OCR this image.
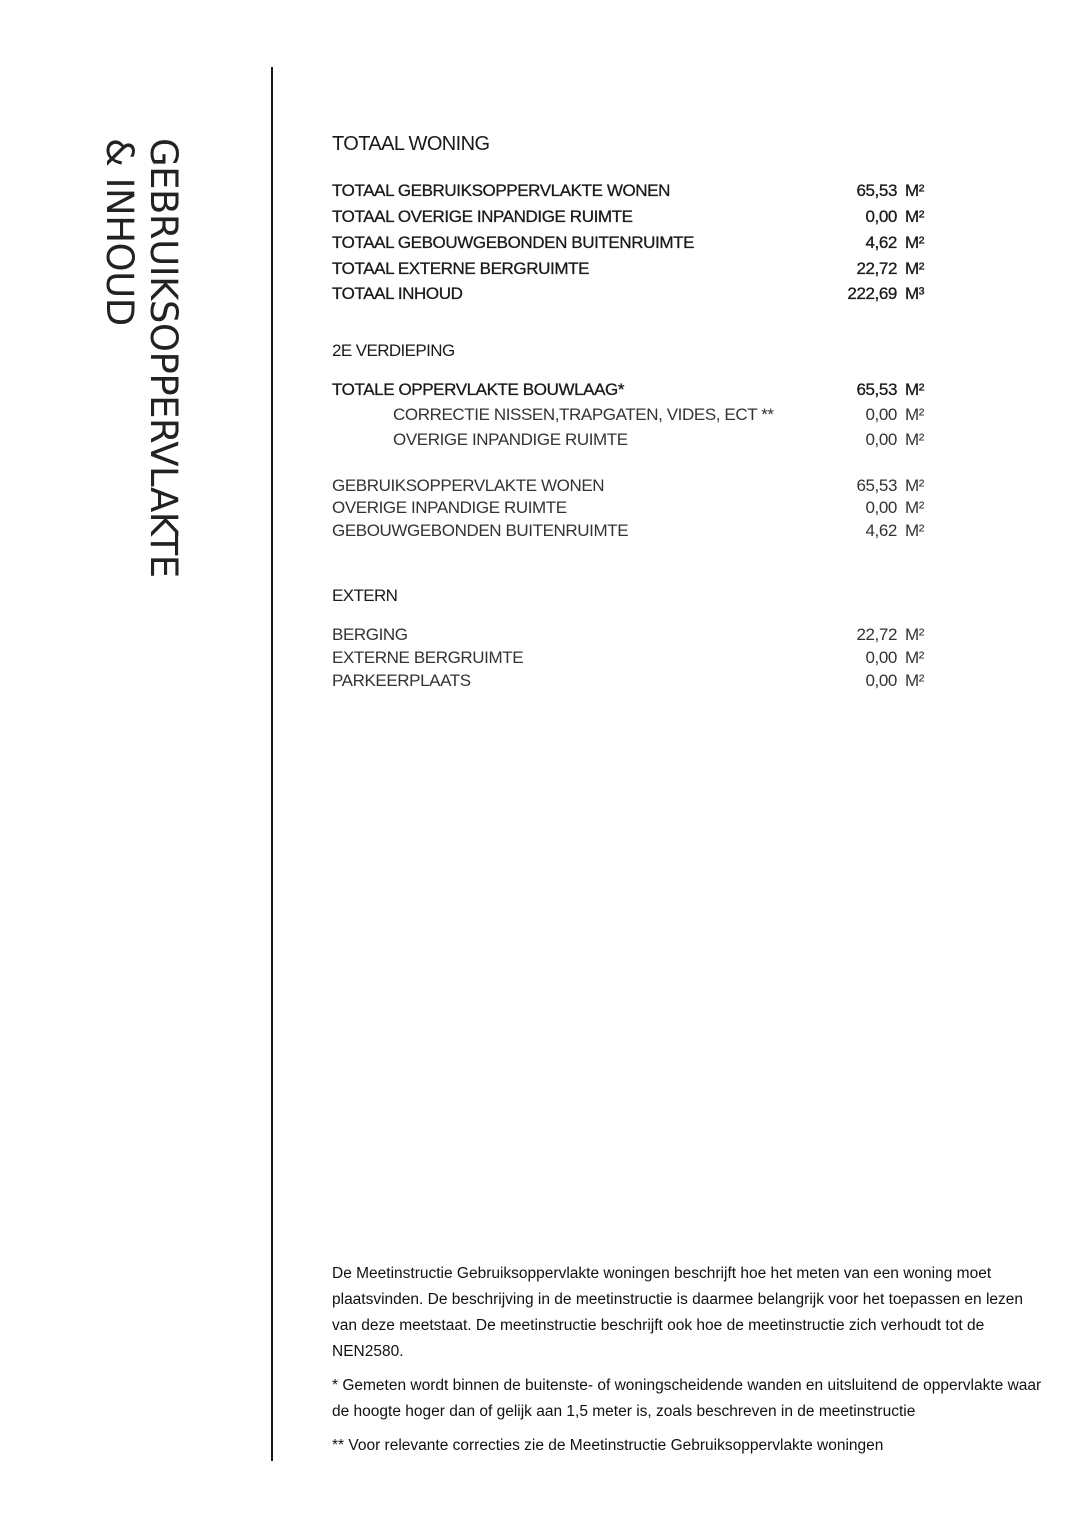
GEBRUIKSOPPERVLAKTE
& INHOUD	TOTAAL WONING
TOTAAL GEBRUIKSOPPERVLAKTE WONEN	65,53 M²
TOTAAL OVERIGE INPANDIGE RUIMTE	0,00 M²
TOTAAL GEBOUWGEBONDEN BUITENRUIMTE	4,62 M²
TOTAAL EXTERNE BERGRUIMTE	22,72 M²
TOTAAL INHOUD	222,69 M³
2E VERDIEPING
TOTALE OPPERVLAKTE BOUWLAAG*	65,53 M²
CORRECTIE NISSEN,TRAPGATEN, VIDES, ECT **	0,00 M²
OVERIGE INPANDIGE RUIMTE	0,00 M²
GEBRUIKSOPPERVLAKTE WONEN	65,53 M²
OVERIGE INPANDIGE RUIMTE	0,00 M²
GEBOUWGEBONDEN BUITENRUIMTE	4,62 M²
EXTERN
BERGING	22,72 M²
EXTERNE BERGRUIMTE	0,00 M²
PARKEERPLAATS	0,00 M²

De Meetinstructie Gebruiksoppervlakte woningen beschrijft hoe het meten van een woning moet plaatsvinden. De beschrijving in de meetinstructie is daarmee belangrijk voor het toepassen en lezen van deze meetstaat. De meetinstructie beschrijft ook hoe de meetinstructie zich verhoudt tot de NEN2580.

* Gemeten wordt binnen de buitenste- of woningscheidende wanden en uitsluitend de oppervlakte waar de hoogte hoger dan of gelijk aan 1,5 meter is, zoals beschreven in de meetinstructie

** Voor relevante correcties zie de Meetinstructie Gebruiksoppervlakte woningen
